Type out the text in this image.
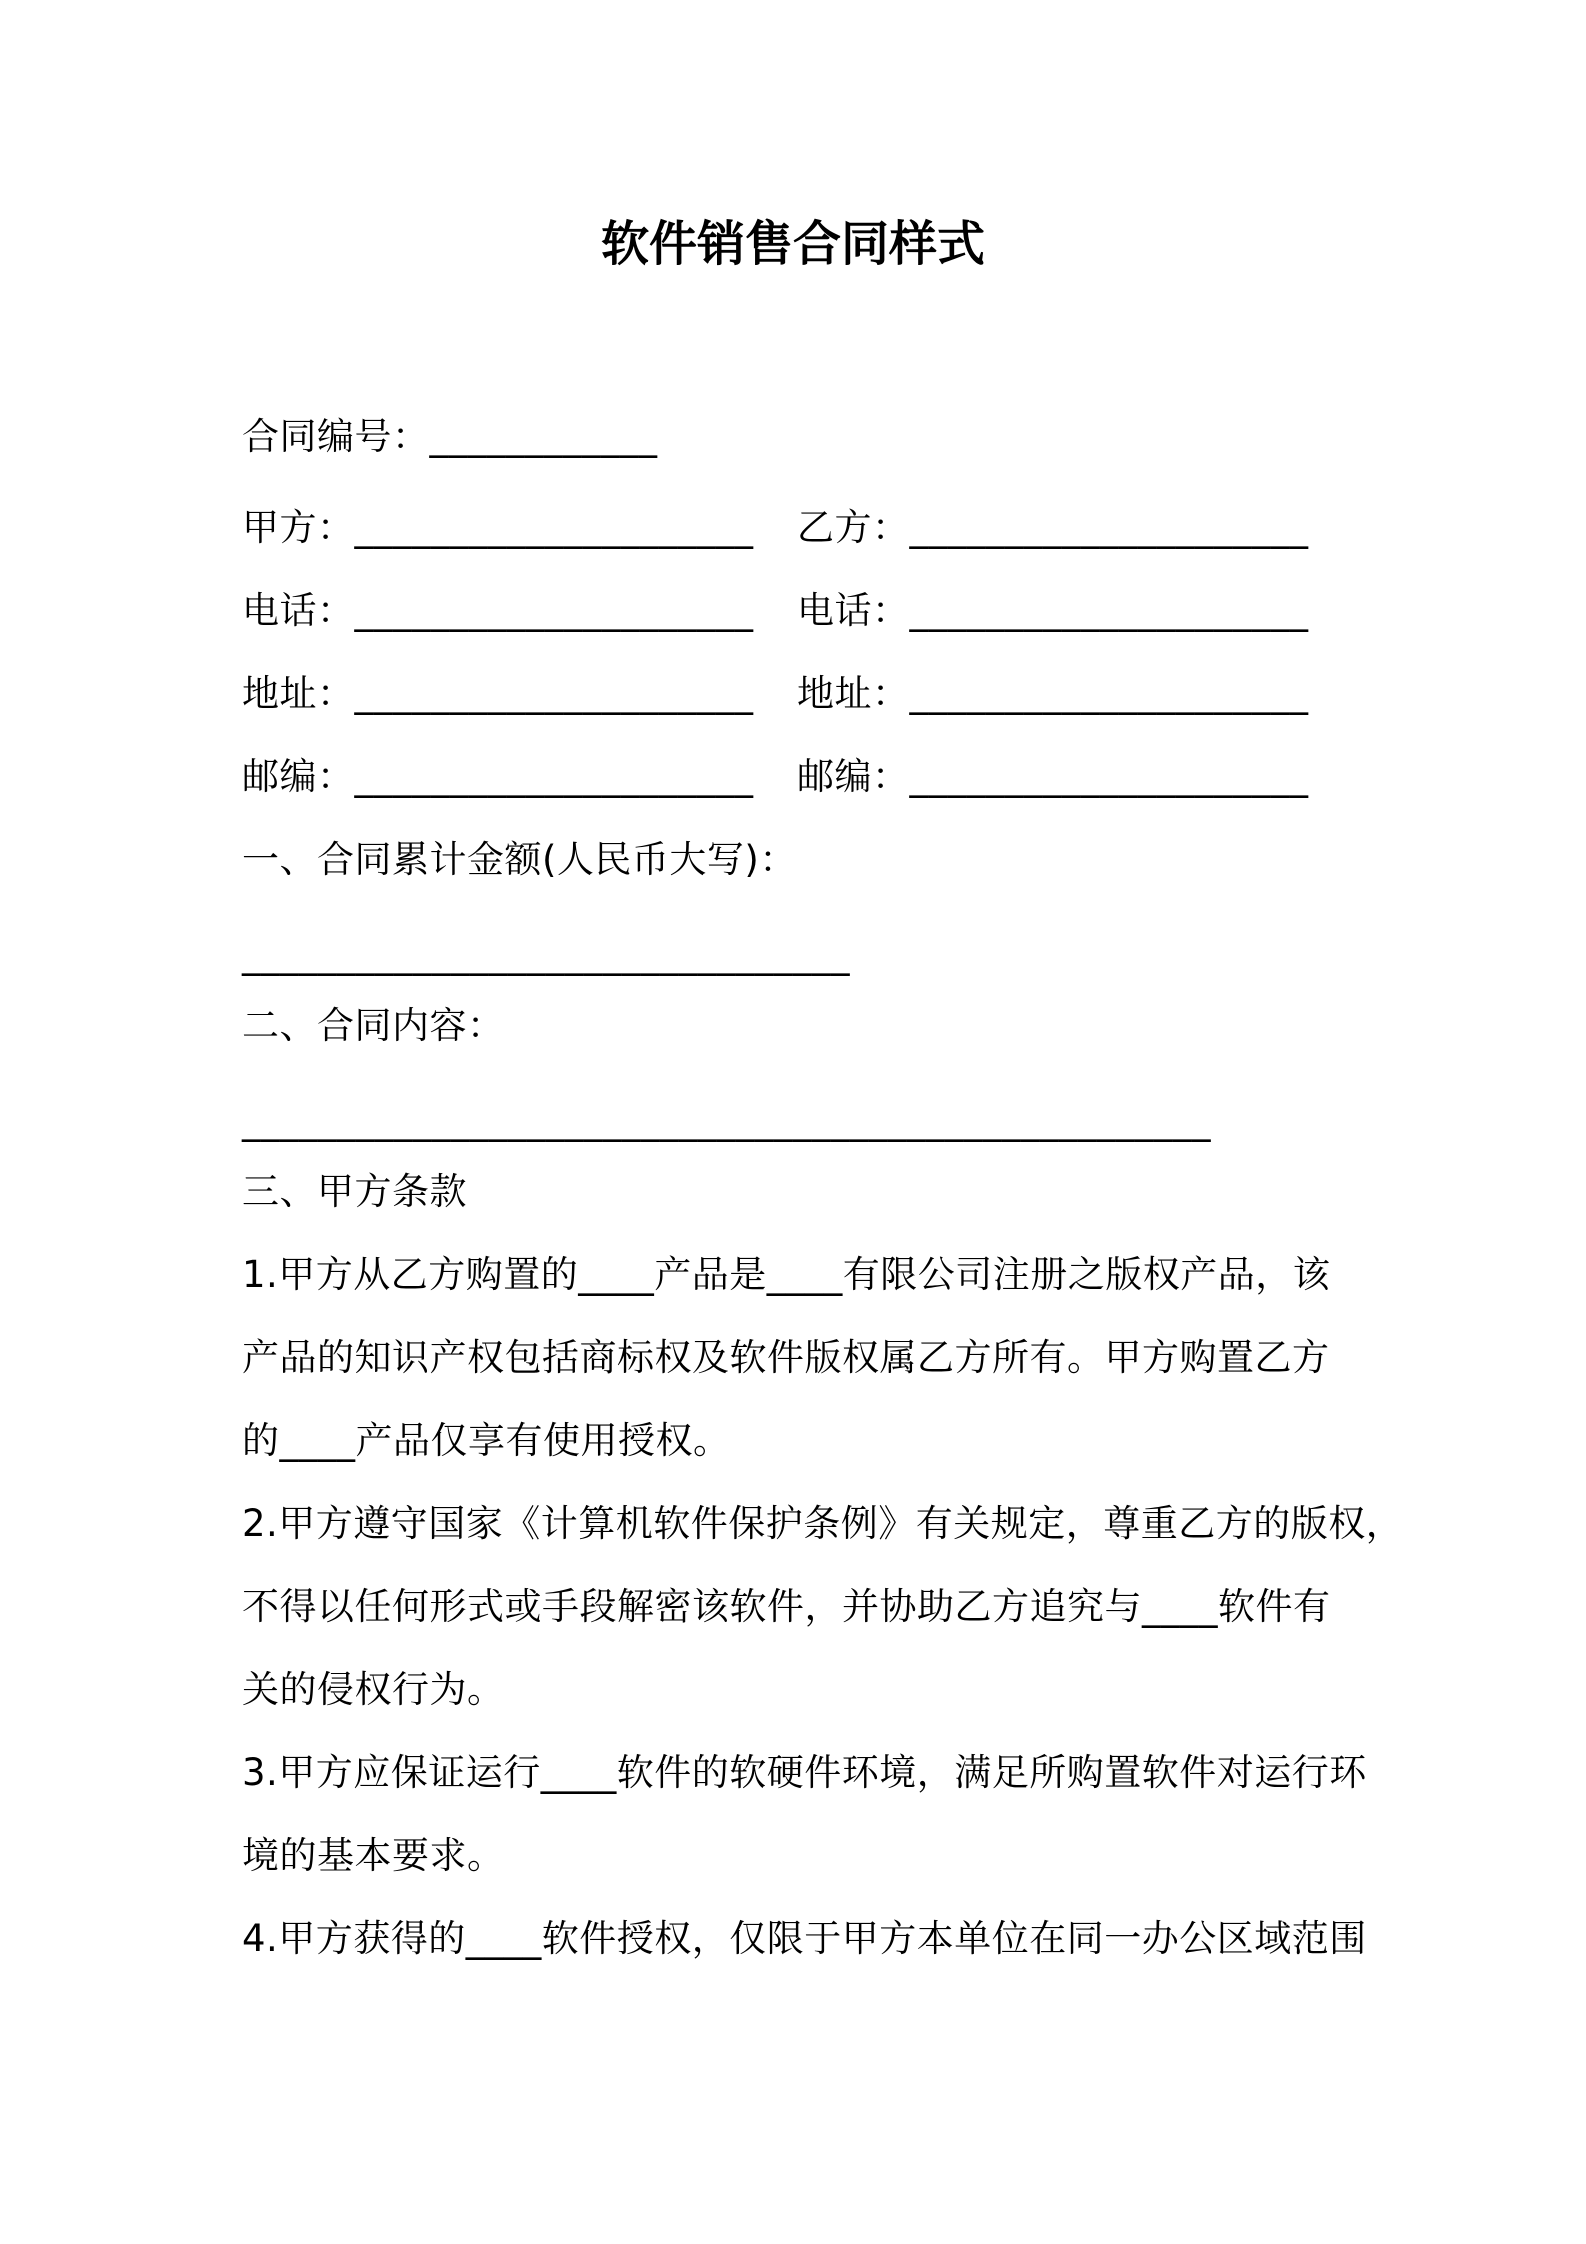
软件销售合同样式
合同编号：____________
甲方：_____________________ 乙方：_____________________
电话：_____________________ 电话：_____________________
地址：_____________________ 地址：_____________________
邮编：_____________________ 邮编：_____________________
一、合同累计金额(人民币大写)：
________________________________
二、合同内容：
___________________________________________________
三、甲方条款
1.甲方从乙方购置的____产品是____有限公司注册之版权产品，该
产品的知识产权包括商标权及软件版权属乙方所有。甲方购置乙方
的____产品仅享有使用授权。
2.甲方遵守国家《计算机软件保护条例》有关规定，尊重乙方的版权，
不得以任何形式或手段解密该软件，并协助乙方追究与____软件有
关的侵权行为。
3.甲方应保证运行____软件的软硬件环境，满足所购置软件对运行环
境的基本要求。
4.甲方获得的____软件授权，仅限于甲方本单位在同一办公区域范围
